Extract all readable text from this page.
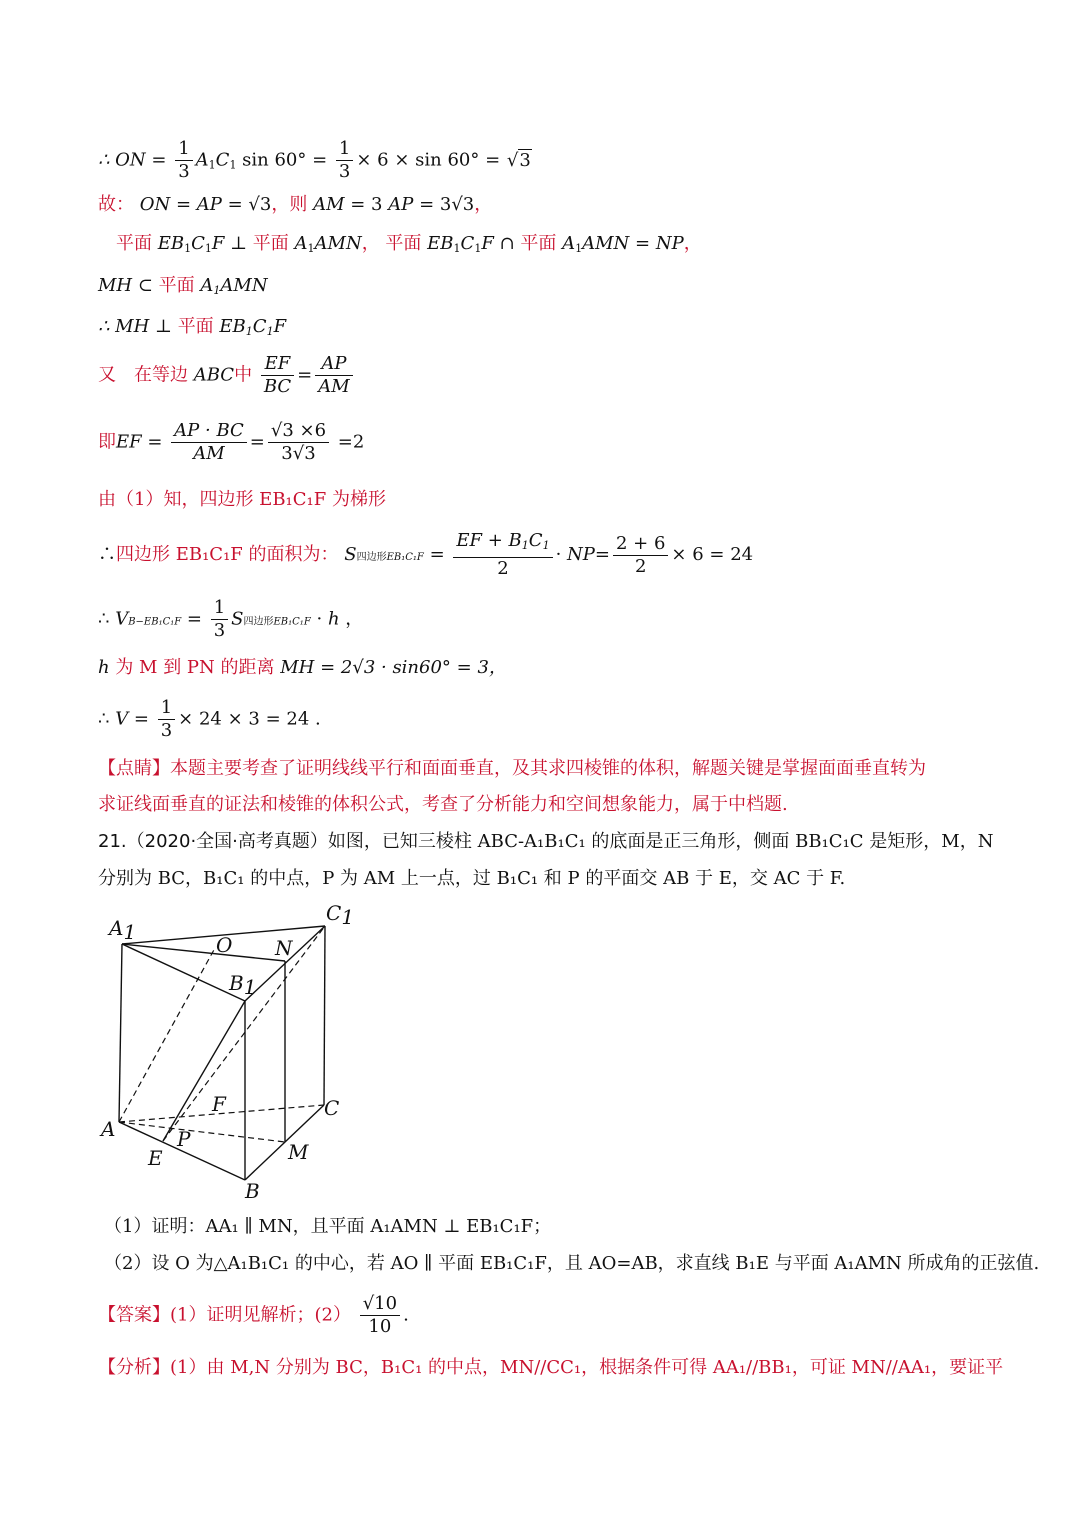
∴ ON = $\frac{1}{3} A_1C_1$ $\sin 60^\circ = \frac{1}{3} \times 6 \times \sin 60^\circ$ = √ 3
故： ON = AP = √3，则 AM = 3 AP = 3√3，
平面 $EB_1C_1F$ ⊥ 平面 $A_1AMN$， 平面 $EB_1C_1F$ ∩ 平面 $A_1AMN$ = NP，
MH ⊂ 平面 $A_1AMN$
∴ MH ⊥ 平面 $EB_1C_1F$
又　在等边 ABC中 $\frac{EF}{BC} = \frac{AP}{AM}$
即EF = $\frac{AP \cdot BC}{AM} = \frac{√3 \times 6}{3√3} =2$
由（1）知，四边形 EB₁C₁F 为梯形
∴四边形 EB₁C₁F 的面积为： S四边形$EB_1C_1F = \frac{EF + B_1C_1}{2} \cdot NP= \frac{2 + 6}{2} \times 6 = 24$
∴ $VB-EB_1C_1F = \frac{1}{3}$ S四边形EB₁C₁F · h ，
h 为 M 到 PN 的距离 MH = 2√3 · sin60° = 3，
∴ $V = \frac{1}{3} \times 24 \times 3 = 24$ .
【点睛】本题主要考查了证明线线平行和面面垂直，及其求四棱锥的体积，解题关键是掌握面面垂直转为
求证线面垂直的证法和棱锥的体积公式，考查了分析能力和空间想象能力，属于中档题.
21.（2020·全国·高考真题）如图，已知三棱柱 ABC-A₁B₁C₁ 的底面是正三角形，侧面 BB₁C₁C 是矩形，M，N
分别为 BC，B₁C₁ 的中点，P 为 AM 上一点，过 B₁C₁ 和 P 的平面交 AB 于 E，交 AC 于 F.
A1
C1
O N
B1
F	C
A	P
E	M
B
（1）证明：AA₁ ∥ MN，且平面 A₁AMN ⊥ EB₁C₁F；
（2）设 O 为△A₁B₁C₁ 的中心，若 AO ∥ 平面 EB₁C₁F，且 AO=AB，求直线 B₁E 与平面 A₁AMN 所成角的正弦值.
【答案】(1）证明见解析；$(2) \frac{√10}{10}$ .
【分析】(1）由 M,N 分别为 BC，B₁C₁ 的中点，MN//CC₁，根据条件可得 AA₁//BB₁，可证 MN//AA₁，要证平
